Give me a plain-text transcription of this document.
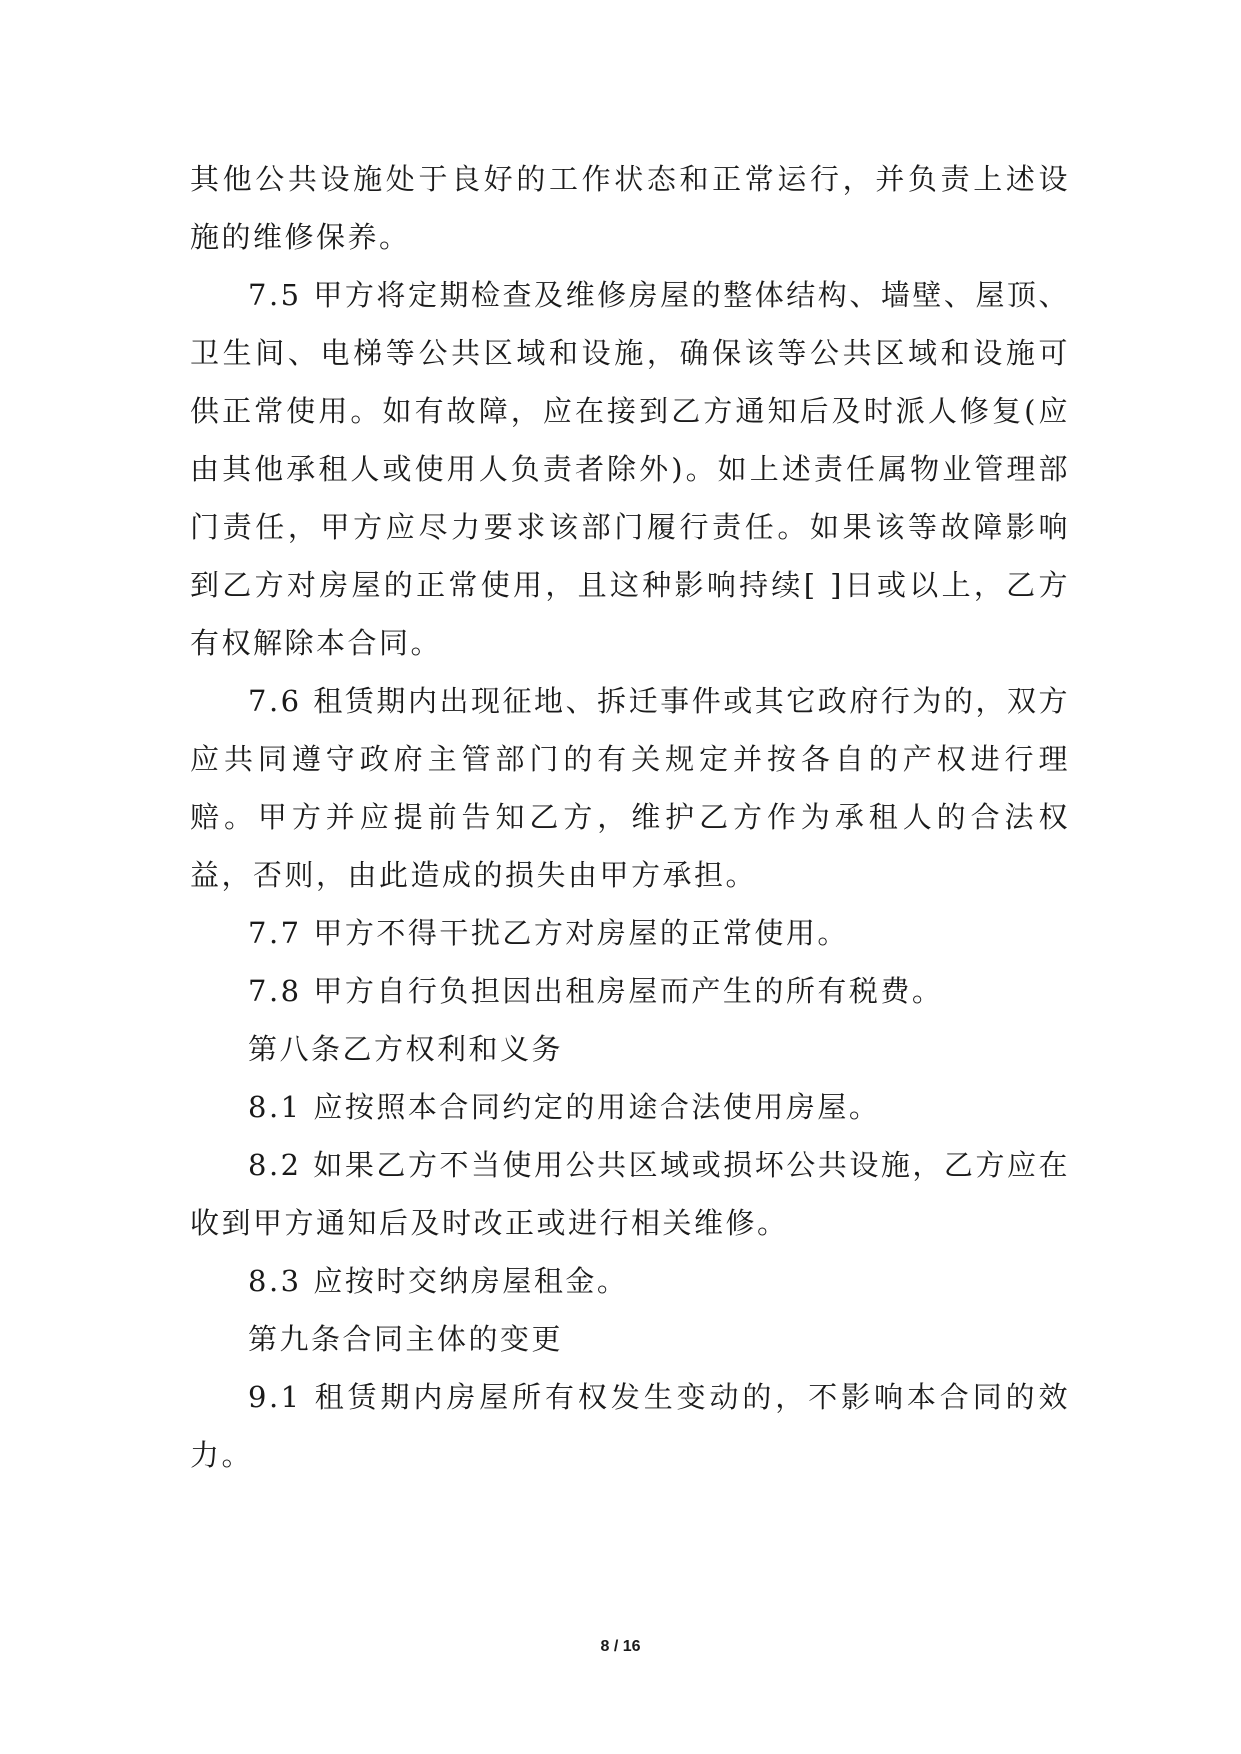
其他公共设施处于良好的工作状态和正常运行，并负责上述设施的维修保养。

7.5 甲方将定期检查及维修房屋的整体结构、墙壁、屋顶、卫生间、电梯等公共区域和设施，确保该等公共区域和设施可供正常使用。如有故障，应在接到乙方通知后及时派人修复(应由其他承租人或使用人负责者除外)。如上述责任属物业管理部门责任，甲方应尽力要求该部门履行责任。如果该等故障影响到乙方对房屋的正常使用，且这种影响持续[ ]日或以上，乙方有权解除本合同。

7.6 租赁期内出现征地、拆迁事件或其它政府行为的，双方应共同遵守政府主管部门的有关规定并按各自的产权进行理赔。甲方并应提前告知乙方，维护乙方作为承租人的合法权益，否则，由此造成的损失由甲方承担。

7.7 甲方不得干扰乙方对房屋的正常使用。

7.8 甲方自行负担因出租房屋而产生的所有税费。

第八条乙方权利和义务

8.1 应按照本合同约定的用途合法使用房屋。

8.2 如果乙方不当使用公共区域或损坏公共设施，乙方应在收到甲方通知后及时改正或进行相关维修。

8.3 应按时交纳房屋租金。

第九条合同主体的变更

9.1 租赁期内房屋所有权发生变动的，不影响本合同的效力。

8 / 16
